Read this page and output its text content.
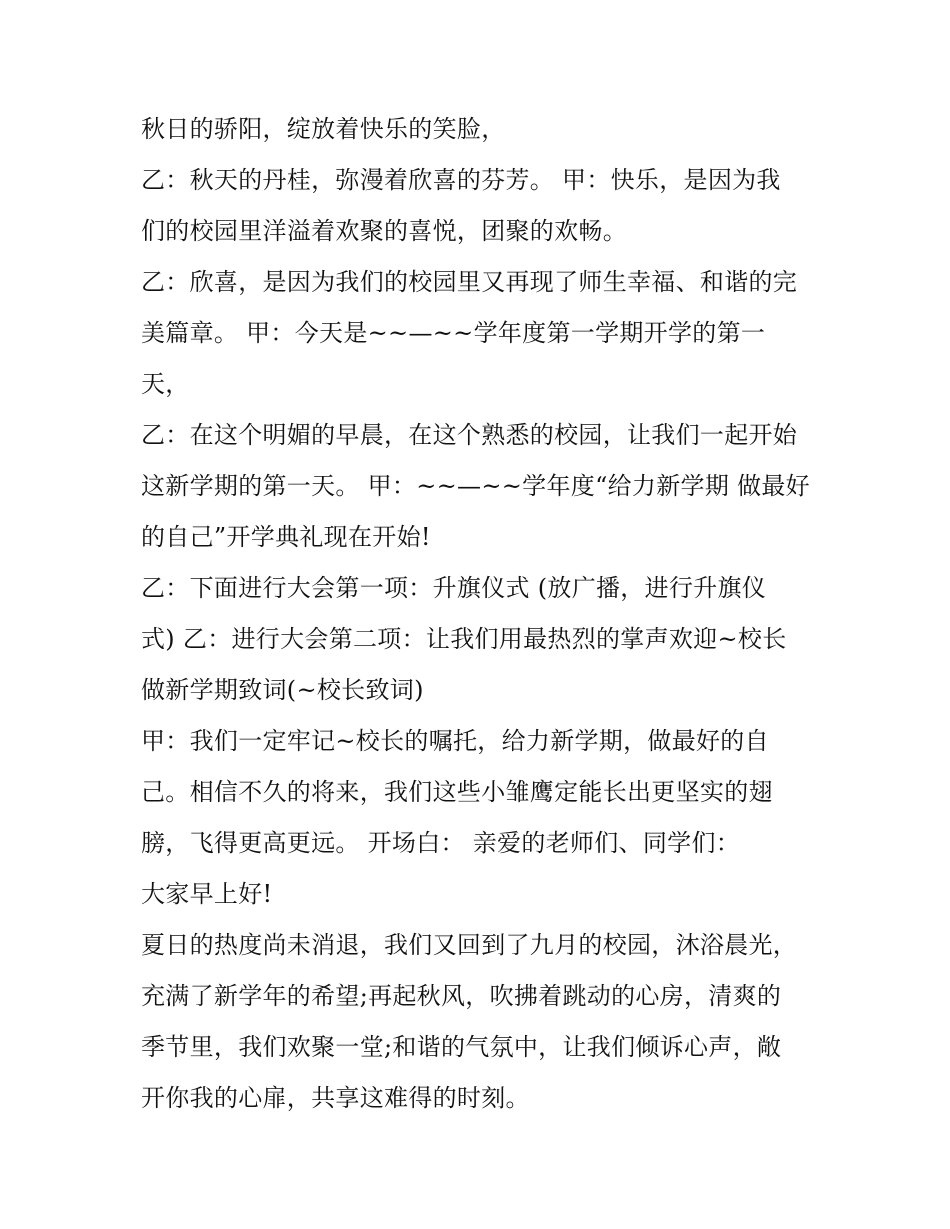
秋日的骄阳，绽放着快乐的笑脸，
乙：秋天的丹桂，弥漫着欣喜的芬芳。 甲：快乐，是因为我
们的校园里洋溢着欢聚的喜悦，团聚的欢畅。
乙：欣喜，是因为我们的校园里又再现了师生幸福、和谐的完
美篇章。 甲：今天是~~—~~学年度第一学期开学的第一
天，
乙：在这个明媚的早晨，在这个熟悉的校园，让我们一起开始
这新学期的第一天。 甲：~~—~~学年度“给力新学期 做最好
的自己”开学典礼现在开始!
乙：下面进行大会第一项：升旗仪式 (放广播，进行升旗仪
式) 乙：进行大会第二项：让我们用最热烈的掌声欢迎~校长
做新学期致词(~校长致词)
甲：我们一定牢记~校长的嘱托，给力新学期，做最好的自
己。相信不久的将来，我们这些小雏鹰定能长出更坚实的翅
膀，飞得更高更远。 开场白： 亲爱的老师们、同学们：
大家早上好!
夏日的热度尚未消退，我们又回到了九月的校园，沐浴晨光，
充满了新学年的希望;再起秋风，吹拂着跳动的心房，清爽的
季节里，我们欢聚一堂;和谐的气氛中，让我们倾诉心声，敞
开你我的心扉，共享这难得的时刻。
